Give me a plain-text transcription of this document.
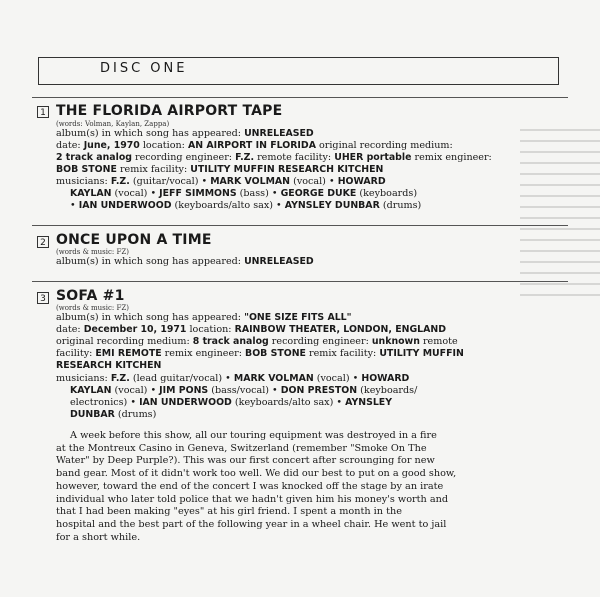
DISC ONE
1 THE FLORIDA AIRPORT TAPE
(words: Volman, Kaylan, Zappa)
album(s) in which song has appeared: UNRELEASED
date: June, 1970 location: AN AIRPORT IN FLORIDA original recording medium:
2 track analog recording engineer: F.Z. remote facility: UHER portable remix engineer:
BOB STONE remix facility: UTILITY MUFFIN RESEARCH KITCHEN
musicians: F.Z. (guitar/vocal) • MARK VOLMAN (vocal) • HOWARD
KAYLAN (vocal) • JEFF SIMMONS (bass) • GEORGE DUKE (keyboards)
• IAN UNDERWOOD (keyboards/alto sax) • AYNSLEY DUNBAR (drums)
2 ONCE UPON A TIME
(words & music: FZ)
album(s) in which song has appeared: UNRELEASED
3 SOFA #1
(words & music: FZ)
album(s) in which song has appeared: "ONE SIZE FITS ALL"
date: December 10, 1971 location: RAINBOW THEATER, LONDON, ENGLAND
original recording medium: 8 track analog recording engineer: unknown remote
facility: EMI REMOTE remix engineer: BOB STONE remix facility: UTILITY MUFFIN
RESEARCH KITCHEN
musicians: F.Z. (lead guitar/vocal) • MARK VOLMAN (vocal) • HOWARD
KAYLAN (vocal) • JIM PONS (bass/vocal) • DON PRESTON (keyboards/
electronics) • IAN UNDERWOOD (keyboards/alto sax) • AYNSLEY
DUNBAR (drums)
A week before this show, all our touring equipment was destroyed in a fire
at the Montreux Casino in Geneva, Switzerland (remember "Smoke On The
Water" by Deep Purple?). This was our first concert after scrounging for new
band gear. Most of it didn't work too well. We did our best to put on a good show,
however, toward the end of the concert I was knocked off the stage by an irate
individual who later told police that we hadn't given him his money's worth and
that I had been making "eyes" at his girl friend. I spent a month in the
hospital and the best part of the following year in a wheel chair. He went to jail
for a short while.
